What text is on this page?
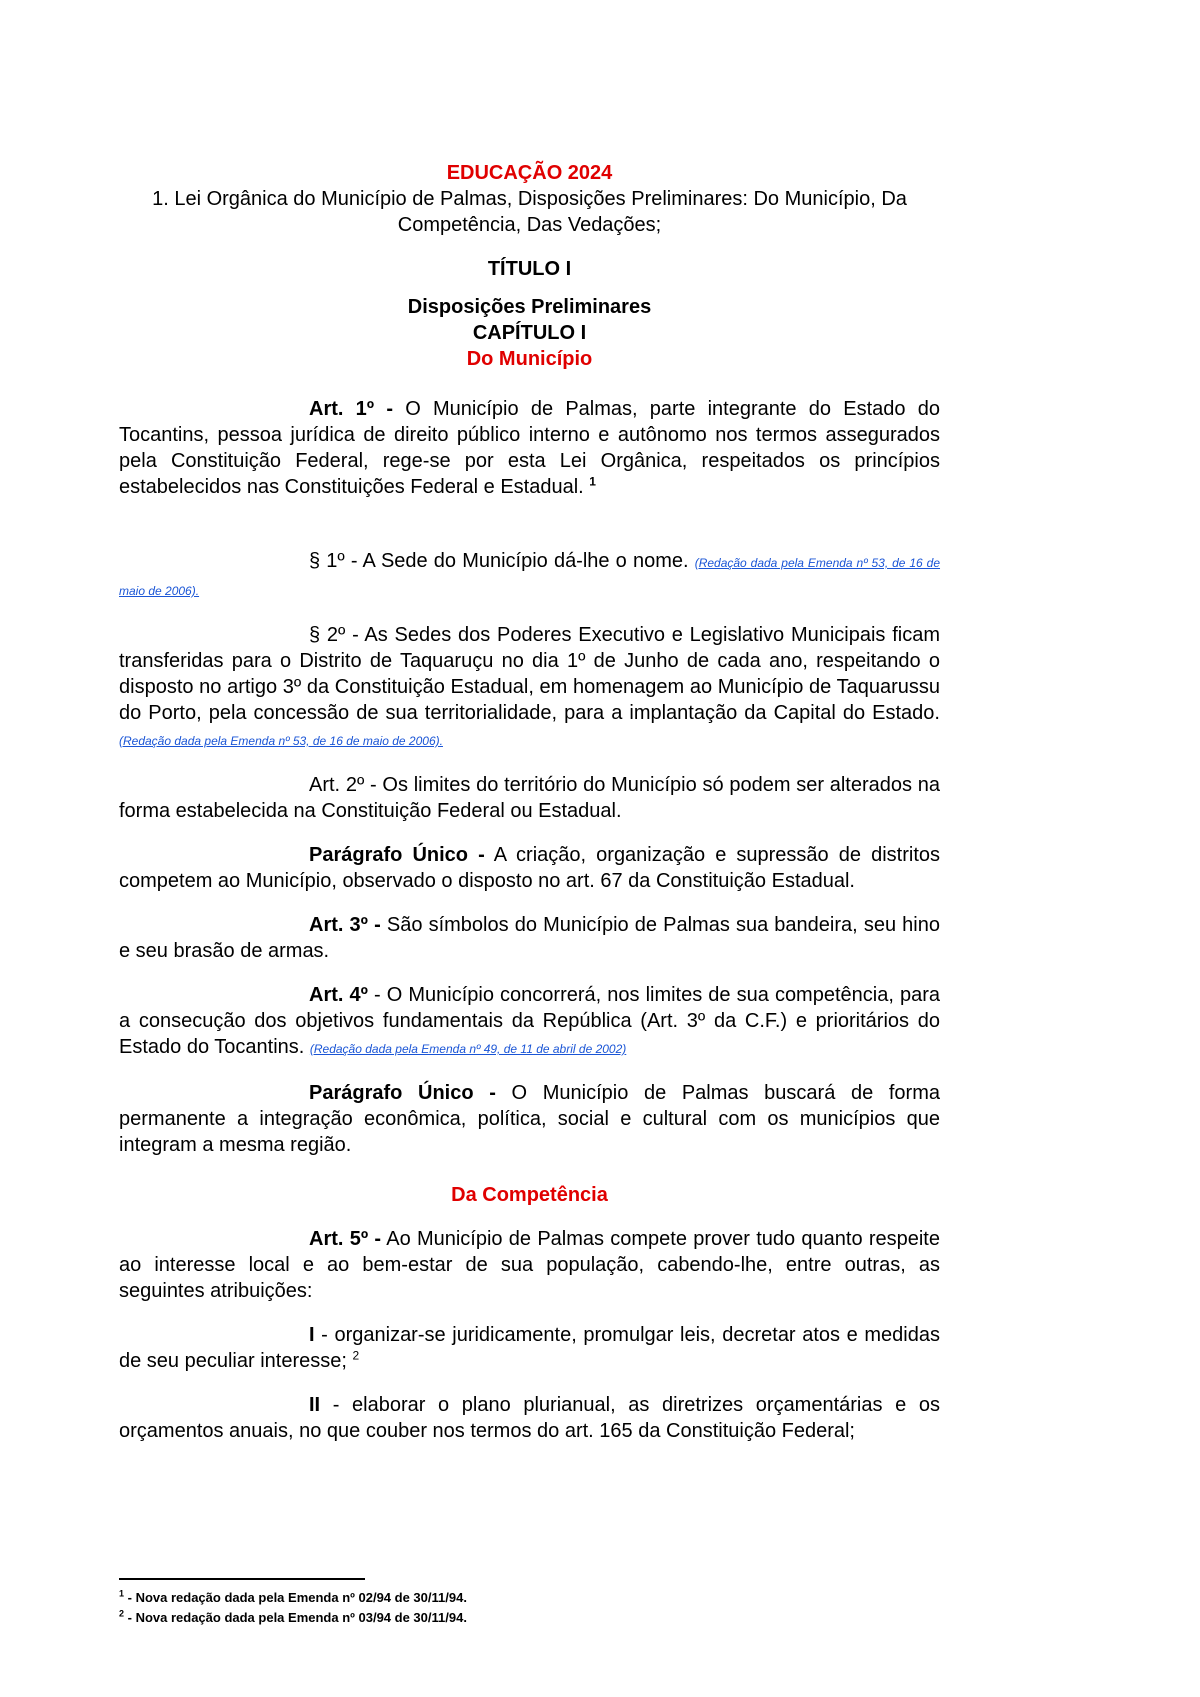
EDUCAÇÃO 2024

1. Lei Orgânica do Município de Palmas, Disposições Preliminares: Do Município, Da Competência, Das Vedações;

TÍTULO I

Disposições Preliminares

CAPÍTULO I

Do Município

Art. 1º - O Município de Palmas, parte integrante do Estado do Tocantins, pessoa jurídica de direito público interno e autônomo nos termos assegurados pela Constituição Federal, rege-se por esta Lei Orgânica, respeitados os princípios estabelecidos nas Constituições Federal e Estadual. $^1$

§ 1º - A Sede do Município dá-lhe o nome. (Redação dada pela Emenda nº 53, de 16 de maio de 2006).

§ 2º - As Sedes dos Poderes Executivo e Legislativo Municipais ficam transferidas para o Distrito de Taquaruçu no dia 1º de Junho de cada ano, respeitando o disposto no artigo 3º da Constituição Estadual, em homenagem ao Município de Taquarussu do Porto, pela concessão de sua territorialidade, para a implantação da Capital do Estado. (Redação dada pela Emenda nº 53, de 16 de maio de 2006).

Art. 2º - Os limites do território do Município só podem ser alterados na forma estabelecida na Constituição Federal ou Estadual.

Parágrafo Único - A criação, organização e supressão de distritos competem ao Município, observado o disposto no art. 67 da Constituição Estadual.

Art. 3º - São símbolos do Município de Palmas sua bandeira, seu hino e seu brasão de armas.

Art. 4º - O Município concorrerá, nos limites de sua competência, para a consecução dos objetivos fundamentais da República (Art. 3º da C.F.) e prioritários do Estado do Tocantins. (Redação dada pela Emenda nº 49, de 11 de abril de 2002)

Parágrafo Único - O Município de Palmas buscará de forma permanente a integração econômica, política, social e cultural com os municípios que integram a mesma região.

Da Competência

Art. 5º - Ao Município de Palmas compete prover tudo quanto respeite ao interesse local e ao bem-estar de sua população, cabendo-lhe, entre outras, as seguintes atribuições:

I - organizar-se juridicamente, promulgar leis, decretar atos e medidas de seu peculiar interesse; $^2$

II - elaborar o plano plurianual, as diretrizes orçamentárias e os orçamentos anuais, no que couber nos termos do art. 165 da Constituição Federal;

$^1$ - Nova redação dada pela Emenda nº 02/94 de 30/11/94.

$^2$ - Nova redação dada pela Emenda nº 03/94 de 30/11/94.
